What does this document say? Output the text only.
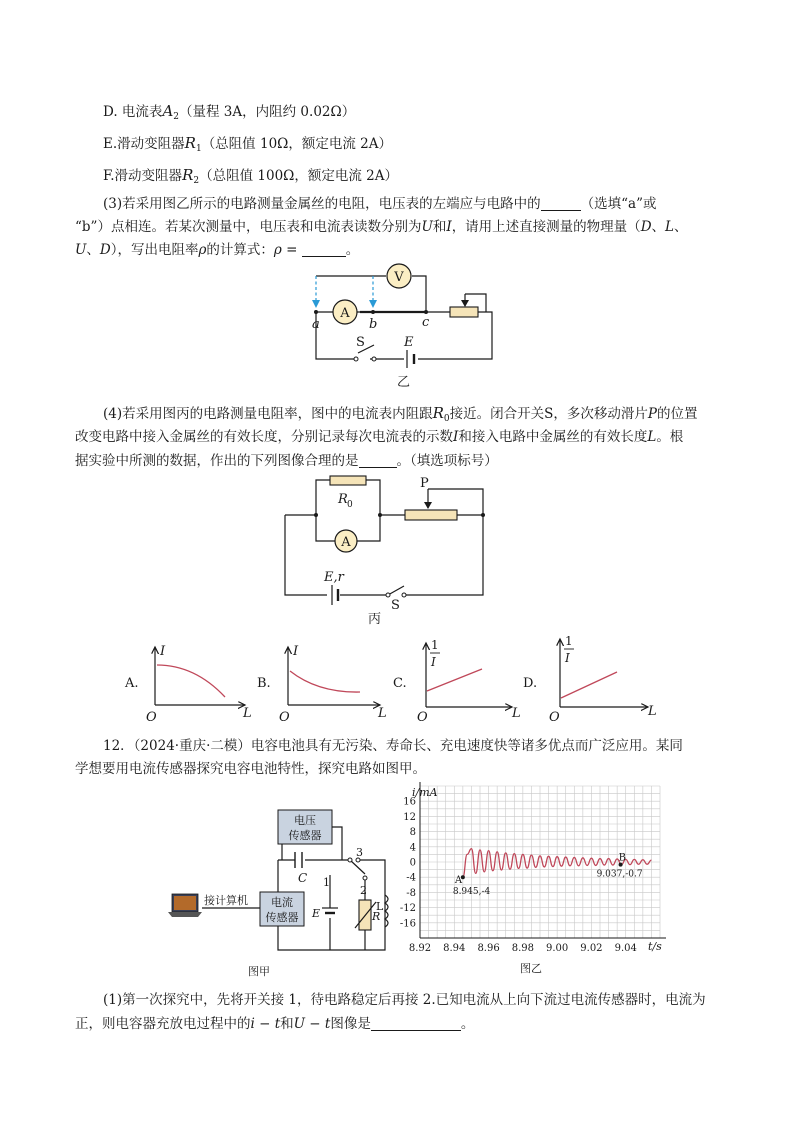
D. 电流表$A_2$（量程 3A，内阻约 0.02Ω）
E.滑动变阻器$R_1$（总阻值 10Ω，额定电流 2A）
F.滑动变阻器$R_2$（总阻值 100Ω，额定电流 2A）
(3)若采用图乙所示的电路测量金属丝的电阻，电压表的左端应与电路中的	（选填“a”或
“b”）点相连。若某次测量中，电压表和电流表读数分别为U和I，请用上述直接测量的物理量（D、L、
U、D），写出电阻率ρ的计算式：ρ =	。
V
A
a	b	c
S	E
乙
(4)若采用图丙的电路测量电阻率，图中的电流表内阻跟$R_0$接近。闭合开关S，多次移动滑片P的位置
改变电路中接入金属丝的有效长度，分别记录每次电流表的示数I和接入电路中金属丝的有效长度L。根
据实验中所测的数据，作出的下列图像合理的是	。（填选项标号）
A
R 0
P
E,r
S
丙
A.
I
L
O
B.
I
L
O
C.
1
I
L
O
D.
1
I
L
O
12．（2024·重庆·二模）电容电池具有无污染、寿命长、充电速度快等诸多优点而广泛应用。某同
学想要用电流传感器探究电容电池特性，探究电路如图甲。
电压
传感器
电流
传感器
接计算机
C 1
2
3
E	R
L
图甲
8.92 8.94 8.96 8.98 9.00 9.02 9.04
16
12
8
4
0
-4
-8
-12
-16
A
8.945,-4
B
9.037,-0.7
i/mA
t/s
图乙
(1)第一次探究中，先将开关接 1，待电路稳定后再接 2.已知电流从上向下流过电流传感器时，电流为
正，则电容器充放电过程中的i − t和U − t图像是	。
